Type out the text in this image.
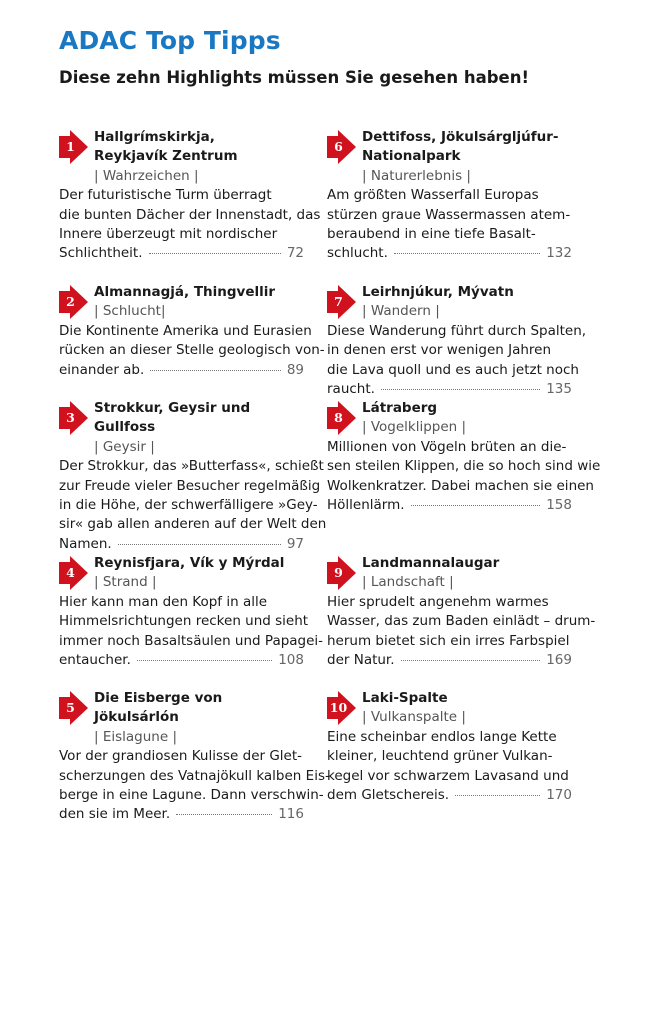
ADAC Top Tipps
Diese zehn Highlights müssen Sie gesehen haben!
1
Hallgrímskirkja,
Reykjavík Zentrum
| Wahrzeichen |
Der futuristische Turm überragt
die bunten Dächer der Innenstadt, das
Innere überzeugt mit nordischer
Schlichtheit.	72
2
Almannagjá, Thingvellir
| Schlucht|
Die Kontinente Amerika und Eurasien
rücken an dieser Stelle geologisch von-
einander ab.	89
3
Strokkur, Geysir und Gullfoss
| Geysir |
Der Strokkur, das »Butterfass«, schießt
zur Freude vieler Besucher regelmäßig
in die Höhe, der schwerfälligere »Gey-
sir« gab allen anderen auf der Welt den
Namen.	97
4
Reynisfjara, Vík y Mýrdal
| Strand |
Hier kann man den Kopf in alle
Himmelsrichtungen recken und sieht
immer noch Basaltsäulen und Papagei-
entaucher.	108
5
Die Eisberge von Jökulsárlón
| Eislagune |
Vor der grandiosen Kulisse der Glet-
scherzungen des Vatnajökull kalben Eis-
berge in eine Lagune. Dann verschwin-
den sie im Meer.	116
6
Dettifoss, Jökulsárgljúfur-
Nationalpark
| Naturerlebnis |
Am größten Wasserfall Europas
stürzen graue Wassermassen atem-
beraubend in eine tiefe Basalt-
schlucht.	132
7
Leirhnjúkur, Mývatn
| Wandern |
Diese Wanderung führt durch Spalten,
in denen erst vor wenigen Jahren
die Lava quoll und es auch jetzt noch
raucht.	135
8
Látraberg
| Vogelklippen |
Millionen von Vögeln brüten an die-
sen steilen Klippen, die so hoch sind wie
Wolkenkratzer. Dabei machen sie einen
Höllenlärm.	158
9
Landmannalaugar
| Landschaft |
Hier sprudelt angenehm warmes
Wasser, das zum Baden einlädt – drum-
herum bietet sich ein irres Farbspiel
der Natur.	169
10
Laki-Spalte
| Vulkanspalte |
Eine scheinbar endlos lange Kette
kleiner, leuchtend grüner Vulkan-
kegel vor schwarzem Lavasand und
dem Gletschereis.	170
